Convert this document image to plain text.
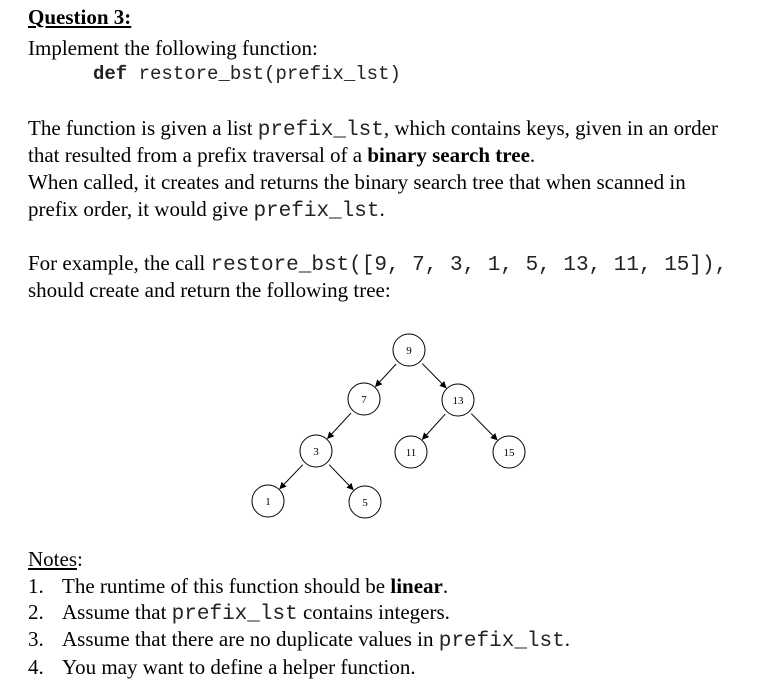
Question 3:
Implement the following function:
def restore_bst(prefix_lst)
The function is given a list prefix_lst, which contains keys, given in an order
that resulted from a prefix traversal of a binary search tree.
When called, it creates and returns the binary search tree that when scanned in
prefix order, it would give prefix_lst.
For example, the call restore_bst([9, 7, 3, 1, 5, 13, 11, 15]),
should create and return the following tree:
9
7	13
3	11	15
1	5
Notes:
1. The runtime of this function should be linear.
2. Assume that prefix_lst contains integers.
3. Assume that there are no duplicate values in prefix_lst.
4. You may want to define a helper function.
